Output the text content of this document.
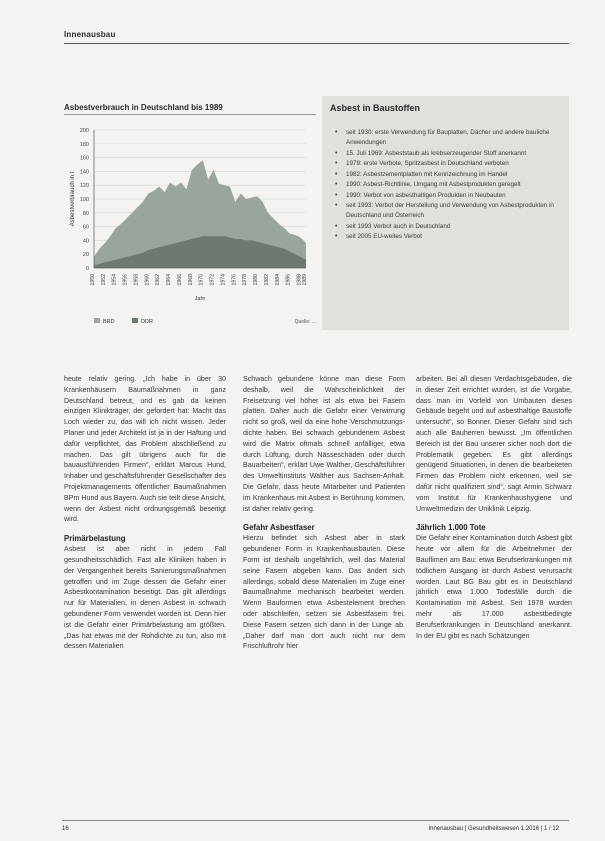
Innenausbau
Asbestverbrauch in Deutschland bis 1989
0
20
40
60
80
100
120
140
160
180
200
1950 1952 1954 1956 1958 1960 1962 1964 1966 1968 1970 1972 1974 1976 1978 1980 1982 1984 1986 1988 1989
Asbestverbrauch in t
Jahr
BRD	DDR	Quelle: ...
Asbest in Baustoffen
• seit 1930: erste Verwendung für Bauplatten, Dächer und andere bauliche Anwendungen
• 15. Juli 1969: Asbeststaub als krebserzeugender Stoff anerkannt
• 1979: erste Verbote, Spritzasbest in Deutschland verboten
• 1982: Asbestzementplatten mit Kennzeichnung im Handel
• 1990: Asbest-Richtlinie, Umgang mit Asbestprodukten geregelt
• 1990: Verbot von asbesthaltigen Produkten in Neubauten
• seit 1993: Verbot der Herstellung und Verwendung von Asbestprodukten in Deutschland und Österreich
• seit 1993 Verbot auch in Deutschland
• seit 2005 EU-weites Verbot

heute relativ gering. „Ich habe in über 30 Krankenhäusern Baumaßnahmen in ganz Deutschland betreut, und es gab da keinen einzigen Klinikträger, der gefordert hat: Macht das Loch wieder zu, das will ich nicht wissen. Jeder Planer und jeder Architekt ist ja in der Haftung und dafür verpflichtet, das Problem abschließend zu machen. Das gilt übrigens auch für die bauausführenden Firmen“, erklärt Marcus Hund, Inhaber und geschäftsführender Gesellschafter des Projektmanagements öffentlicher Baumaßnahmen BPm Hund aus Bayern. Auch sie teilt diese Ansicht, wenn der Asbest nicht ordnungsgemäß beseitigt wird.

Primärbelastung

Asbest ist aber nicht in jedem Fall gesundheitsschädlich. Fast alle Kliniken haben in der Vergangenheit bereits Sanierungsmaßnahmen getroffen und im Zuge dessen die Gefahr einer Asbestkontamination beseitigt. Das gilt allerdings nur für Materialien, in denen Asbest in schwach gebundener Form verwendet worden ist. Denn hier ist die Gefahr einer Primärbelastung am größten. „Das hat etwas mit der Rohdichte zu tun, also mit dessen Materialien

Schwach gebundene könne man diese Form deshalb, weil die Wahrscheinlichkeit der Freisetzung viel höher ist als etwa bei Fasern platten. Daher auch die Gefahr einer Verwirrung nicht so groß, weil da eine hohe Verschmutzungs- dichte haben. Bei schwach gebundenem Asbest wird die Matrix oftmals schnell anfälliger, etwa durch Lüftung, durch Nässeschäden oder durch Bauarbeiten“, erklärt Uwe Walther, Geschäftsführer des Umweltinstituts Walther aus Sachsen-Anhalt. Die Gefahr, dass heute Mitarbeiter und Patienten im Krankenhaus mit Asbest in Berührung kommen, ist daher relativ gering.

Gefahr Asbestfaser

Hierzu befindet sich Asbest aber in stark gebundener Form in Krankenhausbauten. Diese Form ist deshalb ungefährlich, weil das Material seine Fasern abgeben kann. Das ändert sich allerdings, sobald diese Materialien im Zuge einer Baumaßnahme mechanisch bearbeitet werden. Wenn Bauformen etwa Asbestelement brechen oder abschleifen, setzen sie Asbestfasern frei. Diese Fasern setzen sich dann in der Lunge ab. „Daher darf man dort auch nicht nur dem Frischluftrohr hier

arbeiten. Bei all diesen Verdachtsgebäuden, die in dieser Zeit errichtet wurden, ist die Vorgabe, dass man im Vorfeld von Umbauten dieses Gebäude begeht und auf asbesthaltige Baustoffe untersucht“, so Bonner. Dieser Gefahr sind sich auch alle Bauherren bewusst. „Im öffentlichen Bereich ist der Bau unserer sicher noch dort die Problematik gegeben. Es gibt allerdings genügend Situationen, in denen die bearbeiteten Firmen das Problem nicht erkennen, weil sie dafür nicht qualifiziert sind“, sagt Armin Schwarz vom Institut für Krankenhaushygiene und Umweltmedizin der Uniklinik Leipzig.

Jährlich 1.000 Tote

Die Gefahr einer Kontamination durch Asbest gibt heute vor allem für die Arbeitnehmer der Bauflimen am Bau: etwa Berufserkrankungen mit tödlichem Ausgang ist durch Asbest verursacht worden. Laut BG Bau gibt es in Deutschland jährlich etwa 1.000 Todesfälle durch die Kontamination mit Asbest. Seit 1978 wurden mehr als 17.000 asbestbedingte Berufserkrankungen in Deutschland anerkannt. In der EU gibt es nach Schätzungen

16	Innenausbau | Gesundheitswesen 1.2016 | 1 / 12
